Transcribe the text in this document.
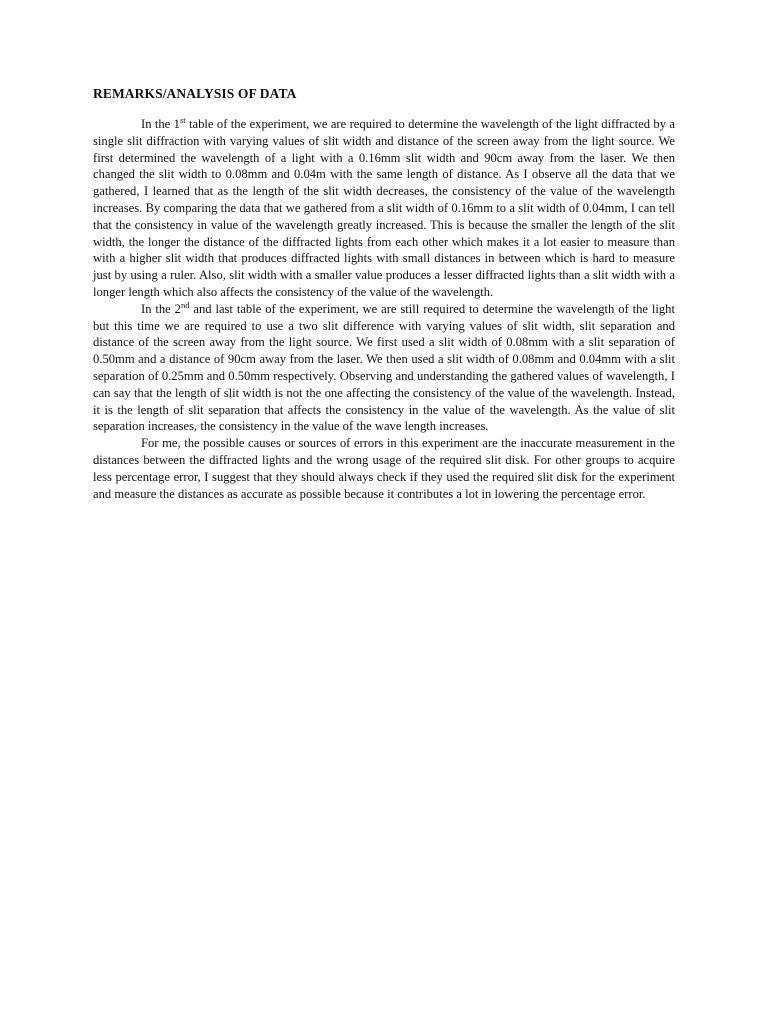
REMARKS/ANALYSIS OF DATA

In the 1st table of the experiment, we are required to determine the wavelength of the light diffracted by a single slit diffraction with varying values of slit width and distance of the screen away from the light source. We first determined the wavelength of a light with a 0.16mm slit width and 90cm away from the laser. We then changed the slit width to 0.08mm and 0.04m with the same length of distance. As I observe all the data that we gathered, I learned that as the length of the slit width decreases, the consistency of the value of the wavelength increases. By comparing the data that we gathered from a slit width of 0.16mm to a slit width of 0.04mm, I can tell that the consistency in value of the wavelength greatly increased. This is because the smaller the length of the slit width, the longer the distance of the diffracted lights from each other which makes it a lot easier to measure than with a higher slit width that produces diffracted lights with small distances in between which is hard to measure just by using a ruler. Also, slit width with a smaller value produces a lesser diffracted lights than a slit width with a longer length which also affects the consistency of the value of the wavelength.

In the 2nd and last table of the experiment, we are still required to determine the wavelength of the light but this time we are required to use a two slit difference with varying values of slit width, slit separation and distance of the screen away from the light source. We first used a slit width of 0.08mm with a slit separation of 0.50mm and a distance of 90cm away from the laser. We then used a slit width of 0.08mm and 0.04mm with a slit separation of 0.25mm and 0.50mm respectively. Observing and understanding the gathered values of wavelength, I can say that the length of slit width is not the one affecting the consistency of the value of the wavelength. Instead, it is the length of slit separation that affects the consistency in the value of the wavelength. As the value of slit separation increases, the consistency in the value of the wave length increases.

For me, the possible causes or sources of errors in this experiment are the inaccurate measurement in the distances between the diffracted lights and the wrong usage of the required slit disk. For other groups to acquire less percentage error, I suggest that they should always check if they used the required slit disk for the experiment and measure the distances as accurate as possible because it contributes a lot in lowering the percentage error.
